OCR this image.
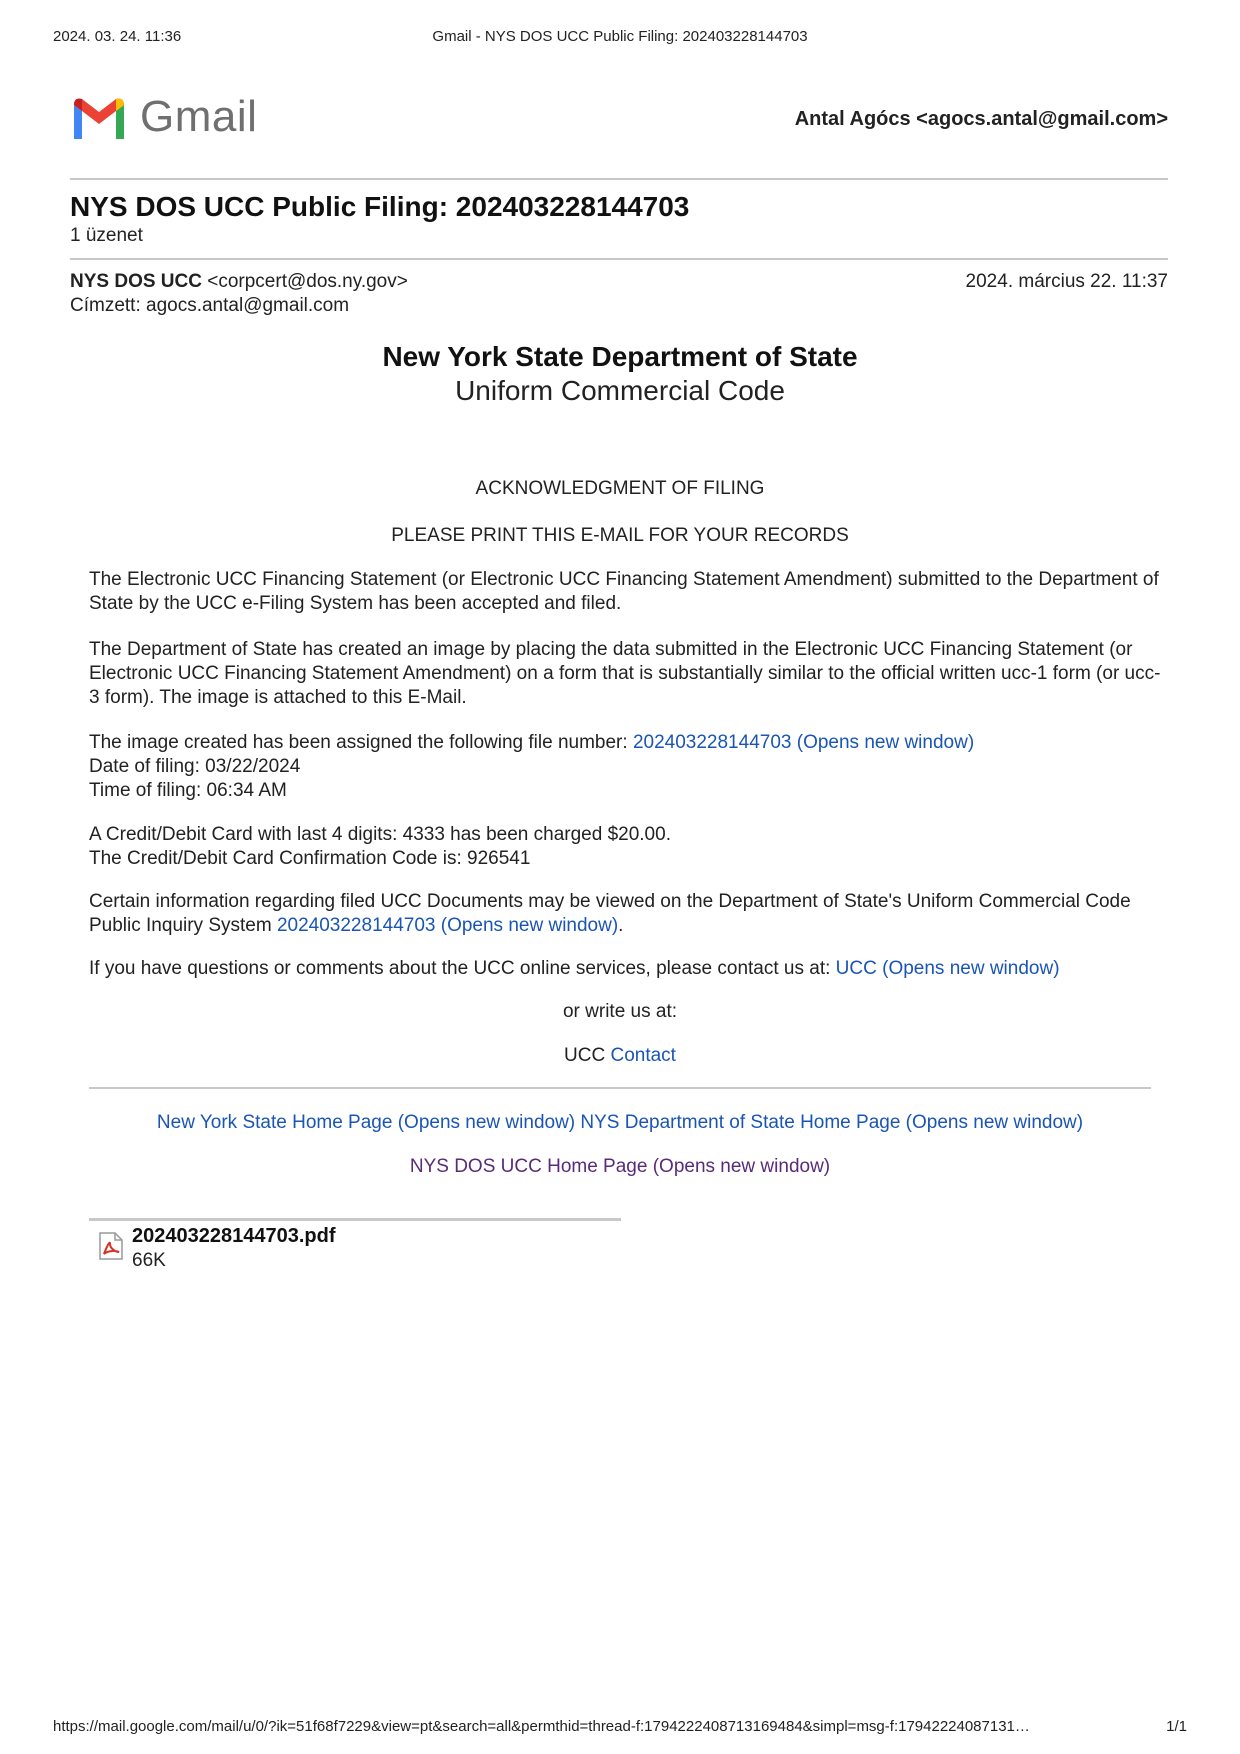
2024. 03. 24. 11:36	Gmail - NYS DOS UCC Public Filing: 202403228144703
Gmail	Antal Agócs <agocs.antal@gmail.com>
NYS DOS UCC Public Filing: 202403228144703
1 üzenet
NYS DOS UCC <corpcert@dos.ny.gov>	2024. március 22. 11:37
Címzett: agocs.antal@gmail.com
New York State Department of State
Uniform Commercial Code
ACKNOWLEDGMENT OF FILING
PLEASE PRINT THIS E-MAIL FOR YOUR RECORDS
The Electronic UCC Financing Statement (or Electronic UCC Financing Statement Amendment) submitted to the Department of State by the UCC e-Filing System has been accepted and filed.
The Department of State has created an image by placing the data submitted in the Electronic UCC Financing Statement (or Electronic UCC Financing Statement Amendment) on a form that is substantially similar to the official written ucc-1 form (or ucc-3 form). The image is attached to this E-Mail.
The image created has been assigned the following file number: 202403228144703 (Opens new window)
Date of filing: 03/22/2024
Time of filing: 06:34 AM
A Credit/Debit Card with last 4 digits: 4333 has been charged $20.00.
The Credit/Debit Card Confirmation Code is: 926541
Certain information regarding filed UCC Documents may be viewed on the Department of State's Uniform Commercial Code Public Inquiry System 202403228144703 (Opens new window).
If you have questions or comments about the UCC online services, please contact us at: UCC (Opens new window)
or write us at:
UCC Contact
New York State Home Page (Opens new window) NYS Department of State Home Page (Opens new window)
NYS DOS UCC Home Page (Opens new window)
202403228144703.pdf
66K
https://mail.google.com/mail/u/0/?ik=51f68f7229&view=pt&search=all&permthid=thread-f:1794222408713169484&simpl=msg-f:17942224087131…	1/1
